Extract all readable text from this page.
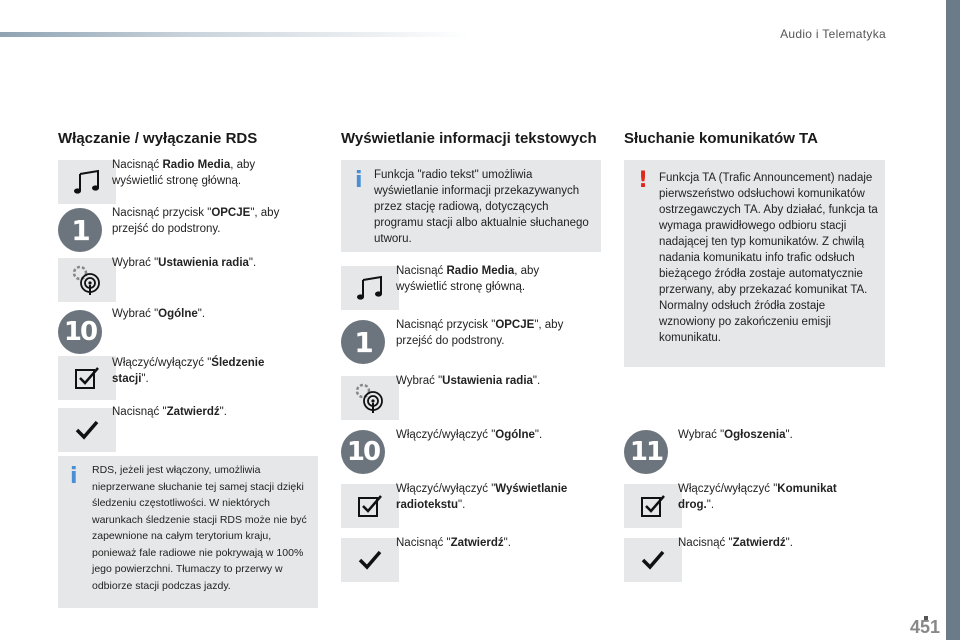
Audio i Telematyka
Włączanie / wyłączanie RDS
Nacisnąć Radio Media, aby wyświetlić stronę główną.
1
Nacisnąć przycisk "OPCJE", aby przejść do podstrony.
Wybrać "Ustawienia radia".
10
Wybrać "Ogólne".
Włączyć/wyłączyć "Śledzenie stacji".
Nacisnąć "Zatwierdź".
i RDS, jeżeli jest włączony, umożliwia nieprzerwane słuchanie tej samej stacji dzięki śledzeniu częstotliwości. W niektórych warunkach śledzenie stacji RDS może nie być zapewnione na całym terytorium kraju, ponieważ fale radiowe nie pokrywają w 100% jego powierzchni. Tłumaczy to przerwy w odbiorze stacji podczas jazdy.
Wyświetlanie informacji tekstowych
i Funkcja "radio tekst" umożliwia wyświetlanie informacji przekazywanych przez stację radiową, dotyczących programu stacji albo aktualnie słuchanego utworu.
Nacisnąć Radio Media, aby wyświetlić stronę główną.
1
Nacisnąć przycisk "OPCJE", aby przejść do podstrony.
Wybrać "Ustawienia radia".
10
Włączyć/wyłączyć "Ogólne".
Włączyć/wyłączyć "Wyświetlanie radiotekstu".
Nacisnąć "Zatwierdź".
Słuchanie komunikatów TA
! Funkcja TA (Trafic Announcement) nadaje pierwszeństwo odsłuchowi komunikatów ostrzegawczych TA. Aby działać, funkcja ta wymaga prawidłowego odbioru stacji nadającej ten typ komunikatów. Z chwilą nadania komunikatu info trafic odsłuch bieżącego źródła zostaje automatycznie przerwany, aby przekazać komunikat TA. Normalny odsłuch źródła zostaje wznowiony po zakończeniu emisji komunikatu.
11
Wybrać "Ogłoszenia".
Włączyć/wyłączyć "Komunikat drog.".
Nacisnąć "Zatwierdź".
451
